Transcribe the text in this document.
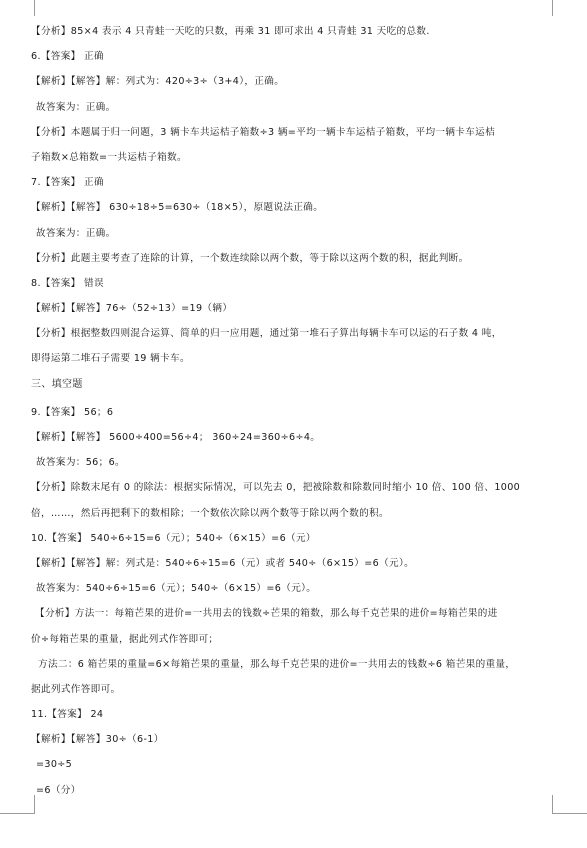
【分析】85×4 表示 4 只青蛙一天吃的只数，再乘 31 即可求出 4 只青蛙 31 天吃的总数.
6.【答案】 正确
【解析】【解答】解：列式为：420÷3÷（3+4），正确。
故答案为：正确。
【分析】本题属于归一问题，3 辆卡车共运桔子箱数÷3 辆=平均一辆卡车运桔子箱数，平均一辆卡车运桔
子箱数×总箱数=一共运桔子箱数。
7.【答案】 正确
【解析】【解答】 630÷18÷5=630÷（18×5），原题说法正确。
故答案为：正确。
【分析】此题主要考查了连除的计算，一个数连续除以两个数，等于除以这两个数的积，据此判断。
8.【答案】 错误
【解析】【解答】76÷（52÷13）=19（辆）
【分析】根据整数四则混合运算、简单的归一应用题，通过第一堆石子算出每辆卡车可以运的石子数 4 吨，
即得运第二堆石子需要 19 辆卡车。
三、填空题
9.【答案】 56；6
【解析】【解答】 5600÷400=56÷4； 360÷24=360÷6÷4。
故答案为：56；6。
【分析】除数末尾有 0 的除法：根据实际情况，可以先去 0，把被除数和除数同时缩小 10 倍、100 倍、1000
倍，……，然后再把剩下的数相除；一个数依次除以两个数等于除以两个数的积。
10.【答案】 540÷6÷15=6（元）；540÷（6×15）=6（元）
【解析】【解答】解：列式是：540÷6÷15=6（元）或者 540÷（6×15）=6（元）。
故答案为：540÷6÷15=6（元）；540÷（6×15）=6（元）。
【分析】方法一：每箱芒果的进价=一共用去的钱数÷芒果的箱数，那么每千克芒果的进价=每箱芒果的进
价÷每箱芒果的重量，据此列式作答即可；
方法二：6 箱芒果的重量=6×每箱芒果的重量，那么每千克芒果的进价=一共用去的钱数÷6 箱芒果的重量，
据此列式作答即可。
11.【答案】 24
【解析】【解答】30÷（6-1）
=30÷5
=6（分）
